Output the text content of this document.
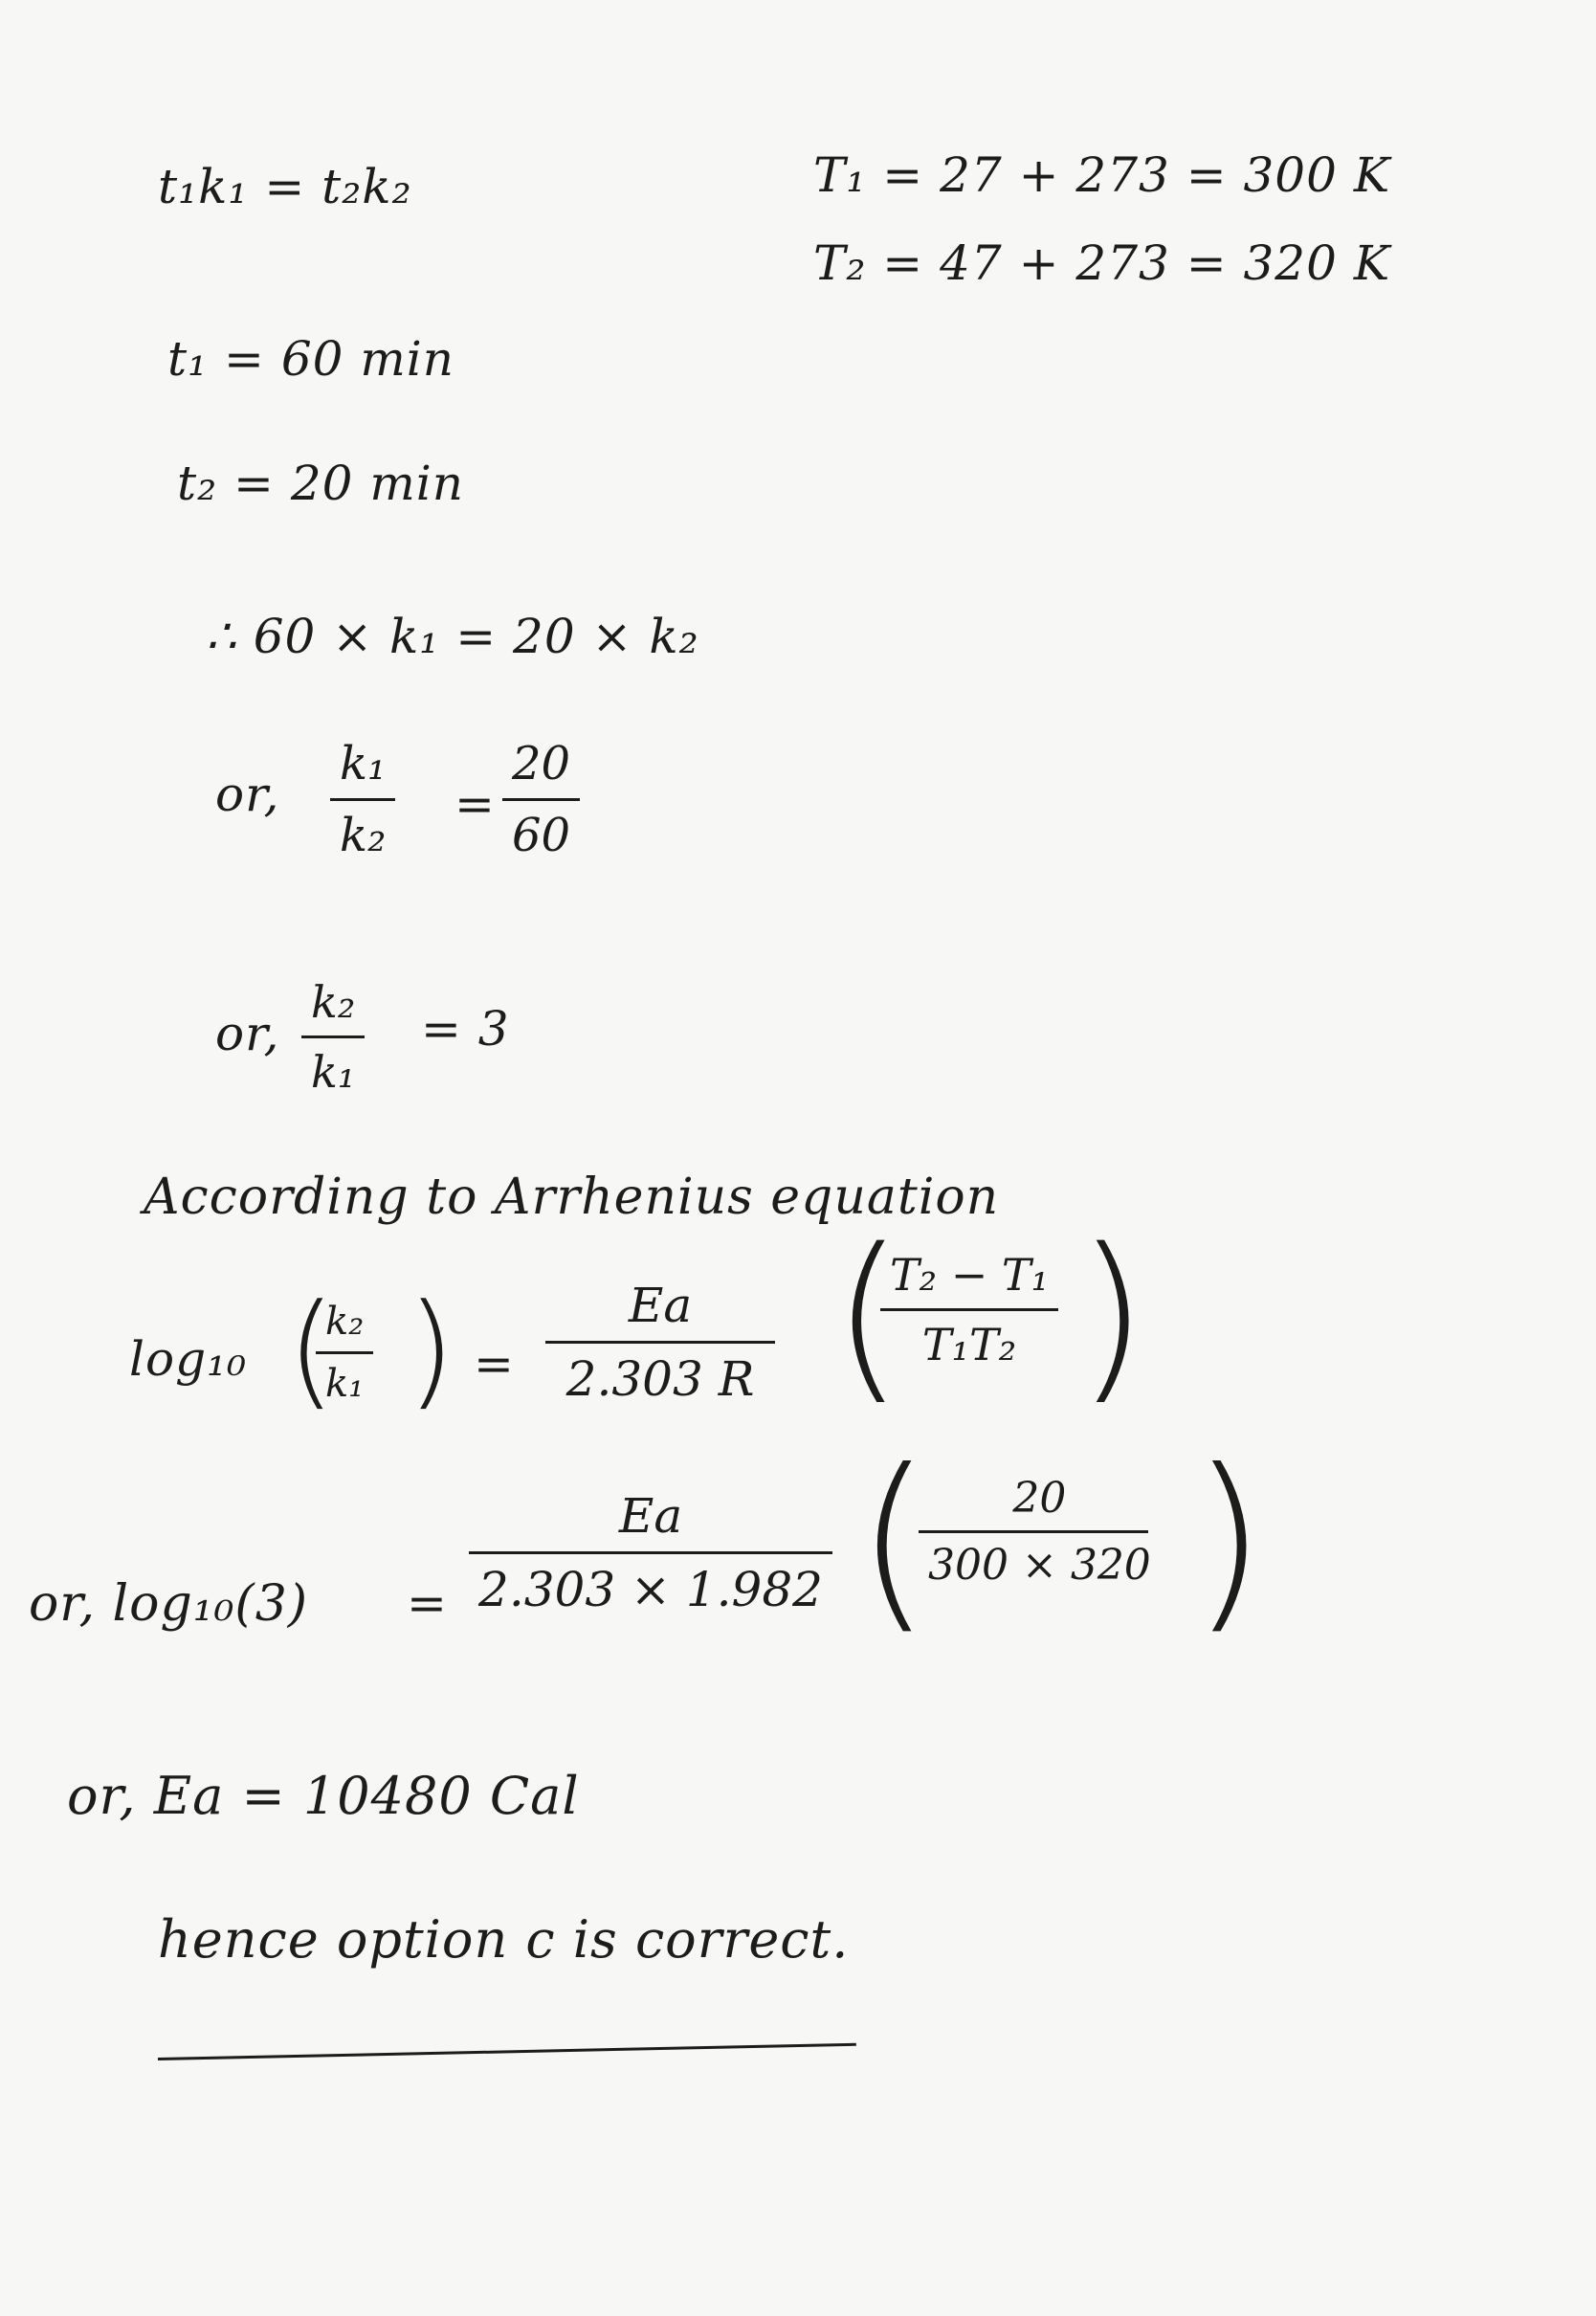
t₁k₁ = t₂k₂	T₁ = 27 + 273 = 300 K
T₂ = 47 + 273 = 320 K
t₁ = 60 min
t₂ = 20 min
∴ 60 × k₁ = 20 × k₂
or,
k₁
k₂
=
20
60
or,
k₂
k₁
= 3
According to Arrhenius equation
log₁₀ (
k₂
k₁ ) =
Ea
2.303 R (
T₂ − T₁
T₁T₂ )
or, log₁₀(3) =
Ea
2.303 × 1.982 ( 20
300 × 320 )
or, Ea = 10480 Cal
hence option c is correct.
